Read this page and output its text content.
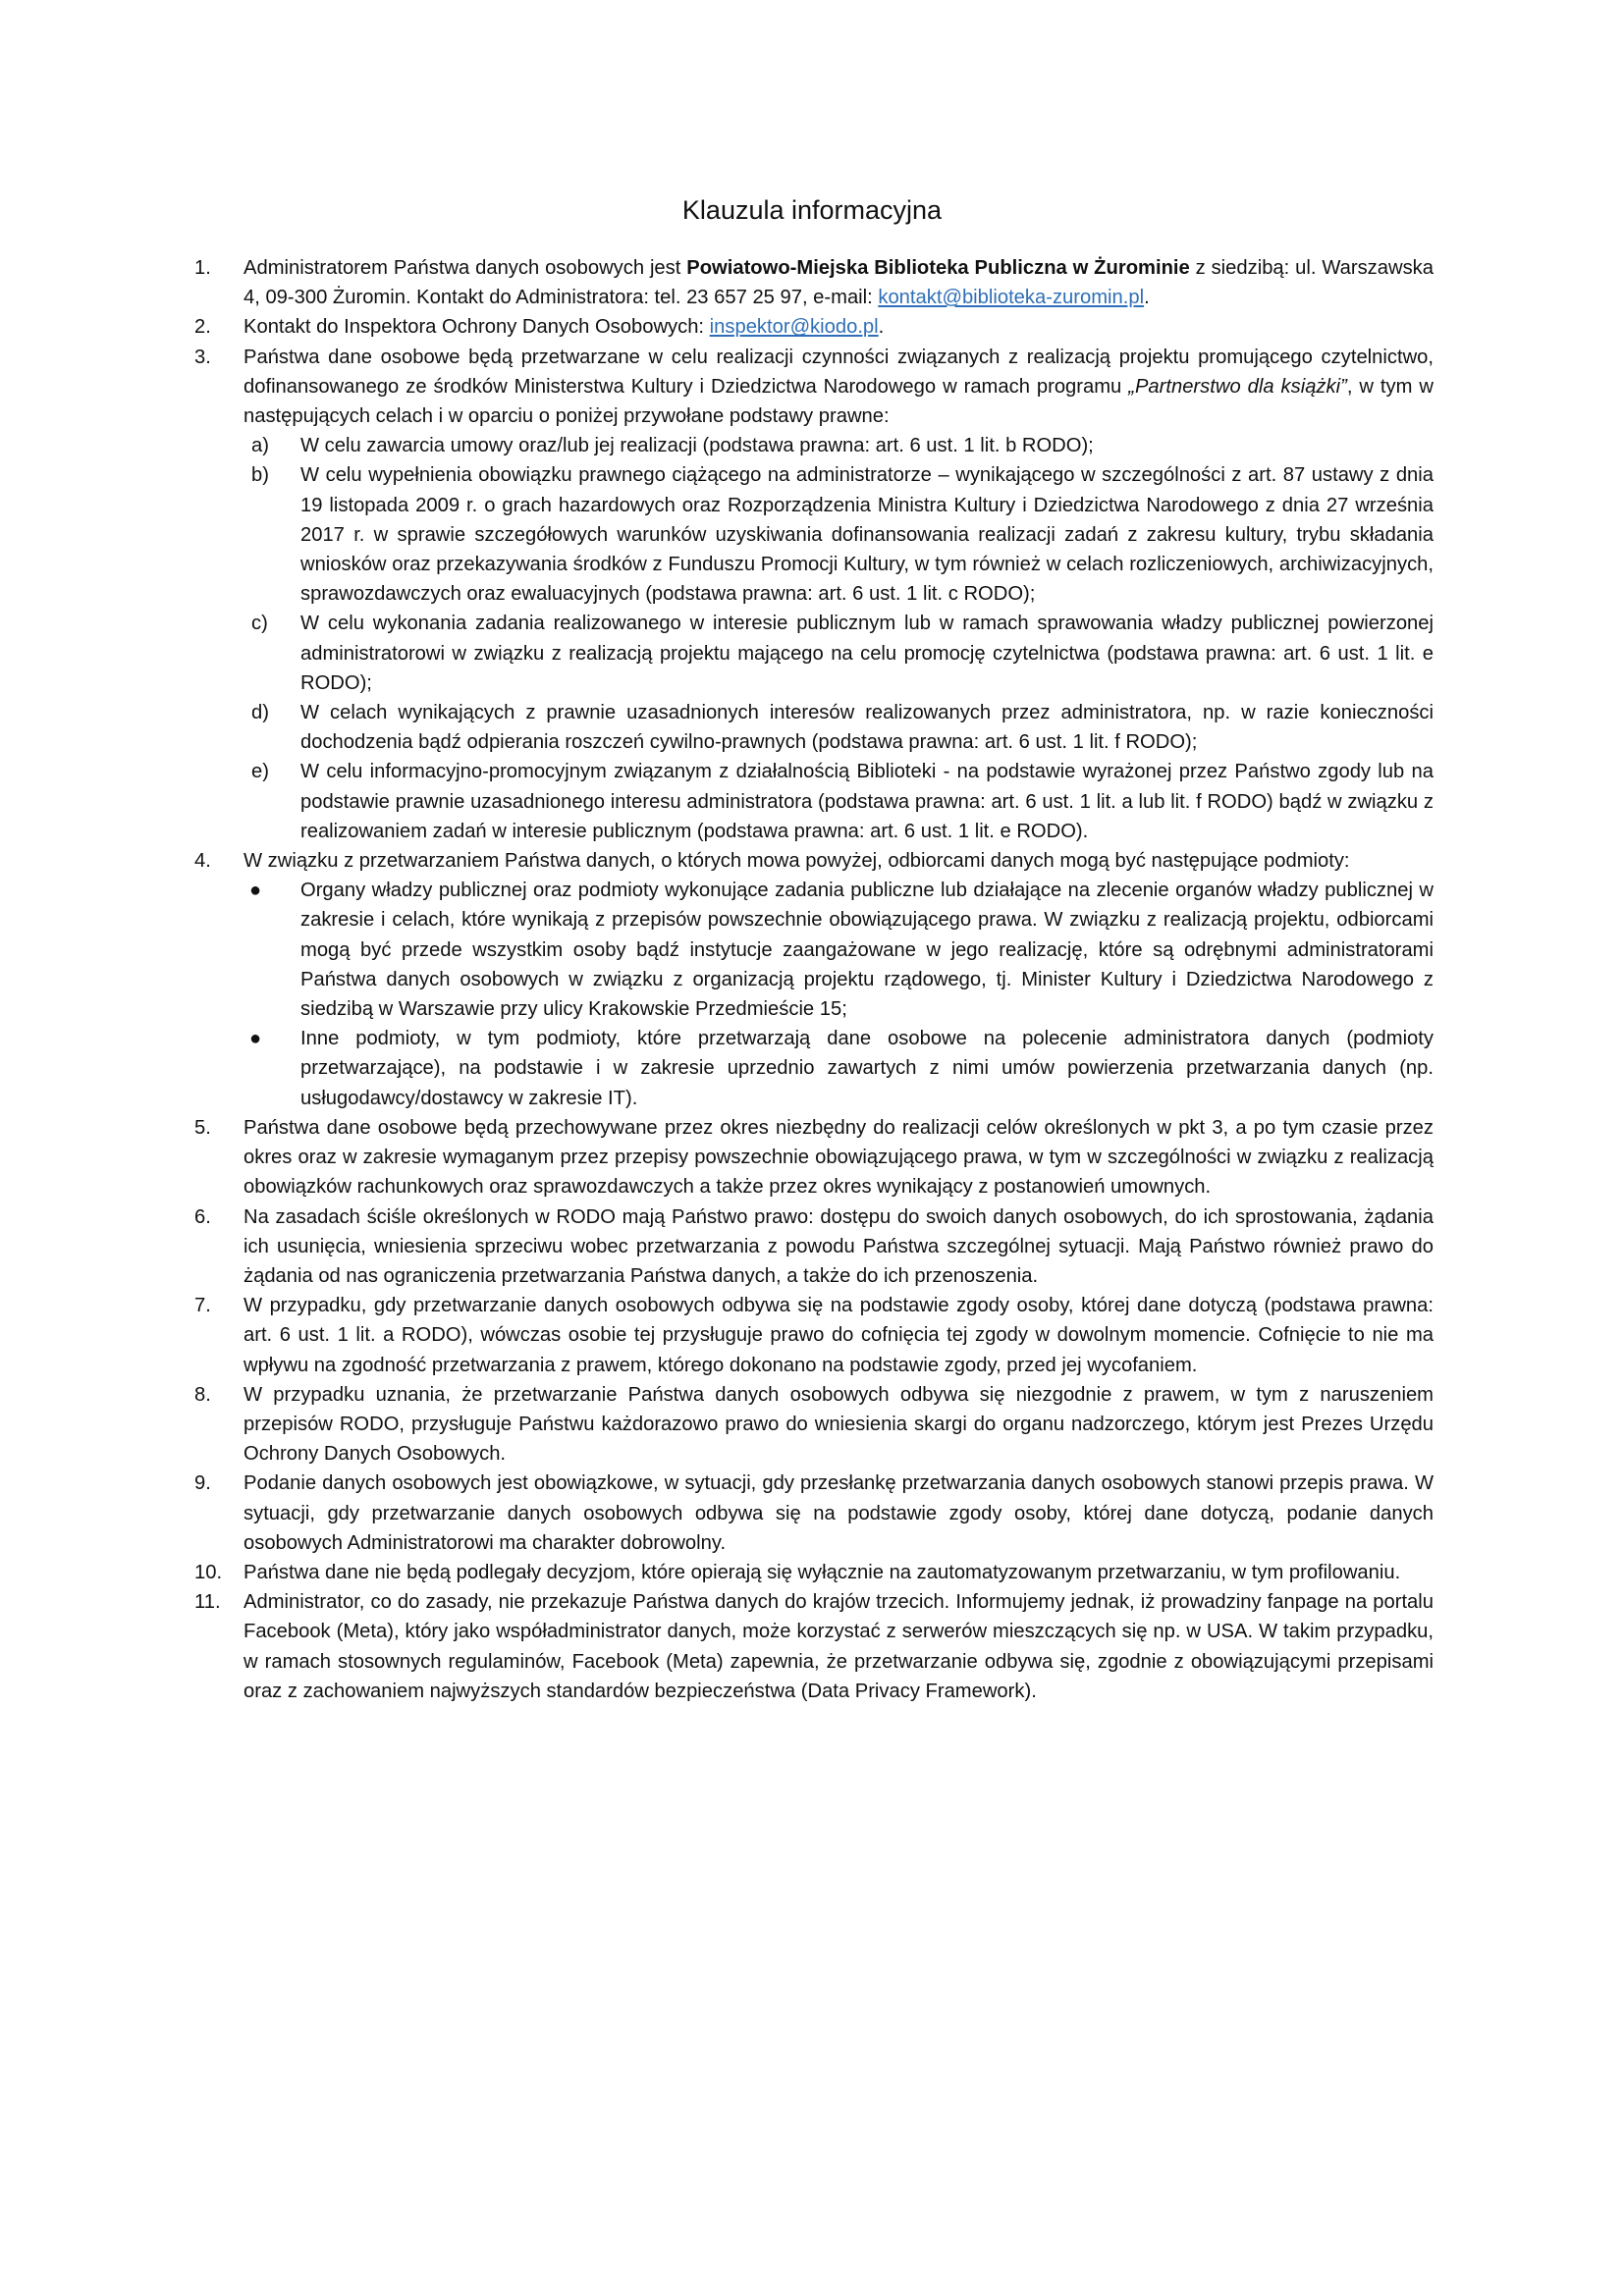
Klauzula informacyjna
1. Administratorem Państwa danych osobowych jest Powiatowo-Miejska Biblioteka Publiczna w Żurominie z siedzibą: ul. Warszawska 4, 09-300 Żuromin. Kontakt do Administratora: tel. 23 657 25 97, e-mail: kontakt@biblioteka-zuromin.pl.
2. Kontakt do Inspektora Ochrony Danych Osobowych: inspektor@kiodo.pl.
3. Państwa dane osobowe będą przetwarzane w celu realizacji czynności związanych z realizacją projektu promującego czytelnictwo, dofinansowanego ze środków Ministerstwa Kultury i Dziedzictwa Narodowego w ramach programu „Partnerstwo dla książki”, w tym w następujących celach i w oparciu o poniżej przywołane podstawy prawne:
a) W celu zawarcia umowy oraz/lub jej realizacji (podstawa prawna: art. 6 ust. 1 lit. b RODO);
b) W celu wypełnienia obowiązku prawnego ciążącego na administratorze – wynikającego w szczególności z art. 87 ustawy z dnia 19 listopada 2009 r. o grach hazardowych oraz Rozporządzenia Ministra Kultury i Dziedzictwa Narodowego z dnia 27 września 2017 r. w sprawie szczegółowych warunków uzyskiwania dofinansowania realizacji zadań z zakresu kultury, trybu składania wniosków oraz przekazywania środków z Funduszu Promocji Kultury, w tym również w celach rozliczeniowych, archiwizacyjnych, sprawozdawczych oraz ewaluacyjnych (podstawa prawna: art. 6 ust. 1 lit. c RODO);
c) W celu wykonania zadania realizowanego w interesie publicznym lub w ramach sprawowania władzy publicznej powierzonej administratorowi w związku z realizacją projektu mającego na celu promocję czytelnictwa (podstawa prawna: art. 6 ust. 1 lit. e RODO);
d) W celach wynikających z prawnie uzasadnionych interesów realizowanych przez administratora, np. w razie konieczności dochodzenia bądź odpierania roszczeń cywilno-prawnych (podstawa prawna: art. 6 ust. 1 lit. f RODO);
e) W celu informacyjno-promocyjnym związanym z działalnością Biblioteki - na podstawie wyrażonej przez Państwo zgody lub na podstawie prawnie uzasadnionego interesu administratora (podstawa prawna: art. 6 ust. 1 lit. a lub lit. f RODO) bądź w związku z realizowaniem zadań w interesie publicznym (podstawa prawna: art. 6 ust. 1 lit. e RODO).
4. W związku z przetwarzaniem Państwa danych, o których mowa powyżej, odbiorcami danych mogą być następujące podmioty:
● Organy władzy publicznej oraz podmioty wykonujące zadania publiczne lub działające na zlecenie organów władzy publicznej w zakresie i celach, które wynikają z przepisów powszechnie obowiązującego prawa. W związku z realizacją projektu, odbiorcami mogą być przede wszystkim osoby bądź instytucje zaangażowane w jego realizację, które są odrębnymi administratorami Państwa danych osobowych w związku z organizacją projektu rządowego, tj. Minister Kultury i Dziedzictwa Narodowego z siedzibą w Warszawie przy ulicy Krakowskie Przedmieście 15;
● Inne podmioty, w tym podmioty, które przetwarzają dane osobowe na polecenie administratora danych (podmioty przetwarzające), na podstawie i w zakresie uprzednio zawartych z nimi umów powierzenia przetwarzania danych (np. usługodawcy/dostawcy w zakresie IT).
5. Państwa dane osobowe będą przechowywane przez okres niezbędny do realizacji celów określonych w pkt 3, a po tym czasie przez okres oraz w zakresie wymaganym przez przepisy powszechnie obowiązującego prawa, w tym w szczególności w związku z realizacją obowiązków rachunkowych oraz sprawozdawczych a także przez okres wynikający z postanowień umownych.
6. Na zasadach ściśle określonych w RODO mają Państwo prawo: dostępu do swoich danych osobowych, do ich sprostowania, żądania ich usunięcia, wniesienia sprzeciwu wobec przetwarzania z powodu Państwa szczególnej sytuacji. Mają Państwo również prawo do żądania od nas ograniczenia przetwarzania Państwa danych, a także do ich przenoszenia.
7. W przypadku, gdy przetwarzanie danych osobowych odbywa się na podstawie zgody osoby, której dane dotyczą (podstawa prawna: art. 6 ust. 1 lit. a RODO), wówczas osobie tej przysługuje prawo do cofnięcia tej zgody w dowolnym momencie. Cofnięcie to nie ma wpływu na zgodność przetwarzania z prawem, którego dokonano na podstawie zgody, przed jej wycofaniem.
8. W przypadku uznania, że przetwarzanie Państwa danych osobowych odbywa się niezgodnie z prawem, w tym z naruszeniem przepisów RODO, przysługuje Państwu każdorazowo prawo do wniesienia skargi do organu nadzorczego, którym jest Prezes Urzędu Ochrony Danych Osobowych.
9. Podanie danych osobowych jest obowiązkowe, w sytuacji, gdy przesłankę przetwarzania danych osobowych stanowi przepis prawa. W sytuacji, gdy przetwarzanie danych osobowych odbywa się na podstawie zgody osoby, której dane dotyczą, podanie danych osobowych Administratorowi ma charakter dobrowolny.
10. Państwa dane nie będą podlegały decyzjom, które opierają się wyłącznie na zautomatyzowanym przetwarzaniu, w tym profilowaniu.
11. Administrator, co do zasady, nie przekazuje Państwa danych do krajów trzecich. Informujemy jednak, iż prowadziny fanpage na portalu Facebook (Meta), który jako współadministrator danych, może korzystać z serwerów mieszczących się np. w USA. W takim przypadku, w ramach stosownych regulaminów, Facebook (Meta) zapewnia, że przetwarzanie odbywa się, zgodnie z obowiązującymi przepisami oraz z zachowaniem najwyższych standardów bezpieczeństwa (Data Privacy Framework).
